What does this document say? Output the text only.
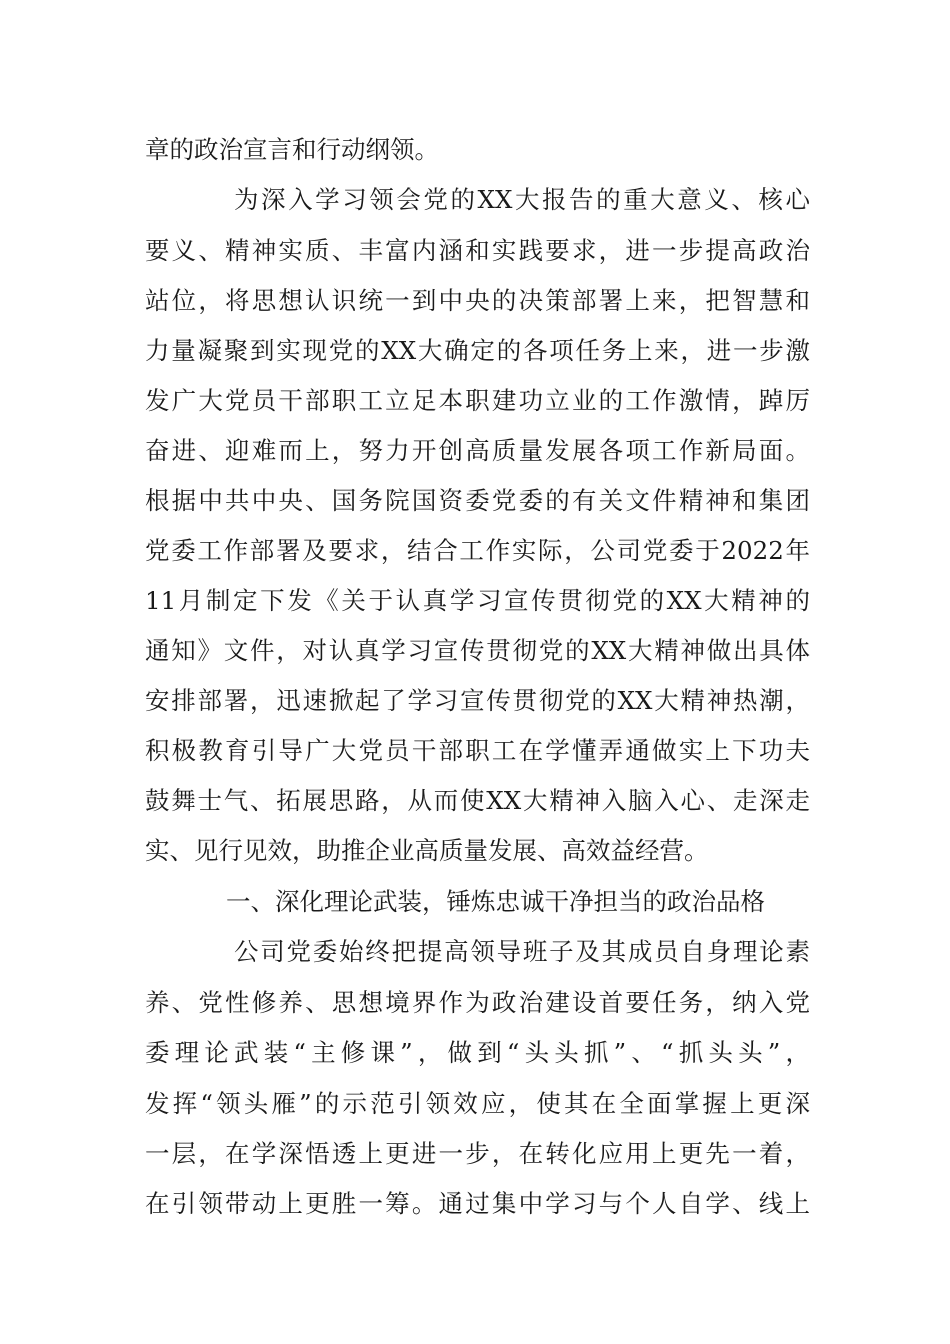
章的政治宣言和行动纲领。

为深入学习领会党的XX大报告的重大意义、核心

要义、精神实质、丰富内涵和实践要求，进一步提高政治

站位，将思想认识统一到中央的决策部署上来，把智慧和

力量凝聚到实现党的XX大确定的各项任务上来，进一步激

发广大党员干部职工立足本职建功立业的工作激情，踔厉

奋进、迎难而上，努力开创高质量发展各项工作新局面。

根据中共中央、国务院国资委党委的有关文件精神和集团

党委工作部署及要求，结合工作实际，公司党委于2022年

11月制定下发《关于认真学习宣传贯彻党的XX大精神的

通知》文件，对认真学习宣传贯彻党的XX大精神做出具体

安排部署，迅速掀起了学习宣传贯彻党的XX大精神热潮，

积极教育引导广大党员干部职工在学懂弄通做实上下功夫

鼓舞士气、拓展思路，从而使XX大精神入脑入心、走深走

实、见行见效，助推企业高质量发展、高效益经营。

一、深化理论武装，锤炼忠诚干净担当的政治品格

公司党委始终把提高领导班子及其成员自身理论素

养、党性修养、思想境界作为政治建设首要任务，纳入党

委理论武装“主修课”，做到“头头抓”、“抓头头”，

发挥“领头雁”的示范引领效应，使其在全面掌握上更深

一层，在学深悟透上更进一步，在转化应用上更先一着，

在引领带动上更胜一筹。通过集中学习与个人自学、线上
